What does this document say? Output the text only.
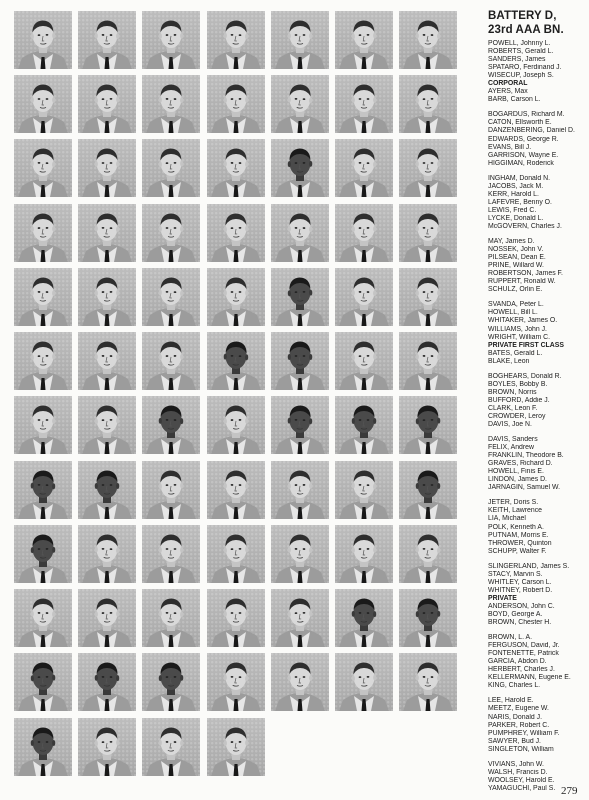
BATTERY D,
23rd AAA BN.
POWELL, Johnny L.
ROBERTS, Gerald L.
SANDERS, James
SPATARO, Ferdinand J.
WISECUP, Joseph S.
CORPORAL
AYERS, Max
BARB, Carson L.
BOGARDUS, Richard M.
CATON, Ellsworth E.
DANZENBERING, Daniel D.
EDWARDS, George R.
EVANS, Bill J.
GARRISON, Wayne E.
HIGGIMAN, Roderick
INGHAM, Donald N.
JACOBS, Jack M.
KERR, Harold L.
LAFEVRE, Benny O.
LEWIS, Fred C.
LYCKE, Donald L.
McGOVERN, Charles J.
MAY, James D.
NOSSEK, John V.
PILSEAN, Dean E.
PRINE, Willard W.
ROBERTSON, James F.
RUPPERT, Ronald W.
SCHULZ, Orlin E.
SVANDA, Peter L.
HOWELL, Bill L.
WHITAKER, James O.
WILLIAMS, John J.
WRIGHT, William C.
PRIVATE FIRST CLASS
BATES, Gerald L.
BLAKE, Leon
BOGHEARS, Donald R.
BOYLES, Bobby B.
BROWN, Norris
BUFFORD, Addie J.
CLARK, Leon F.
CROWDER, Leroy
DAVIS, Joe N.
DAVIS, Sanders
FELIX, Andrew
FRANKLIN, Theodore B.
GRAVES, Richard D.
HOWELL, Finis E.
LINDON, James D.
JARNAGIN, Samuel W.
JETER, Doris S.
KEITH, Lawrence
LIA, Michael
POLK, Kenneth A.
PUTNAM, Morris E.
THROWER, Quinton
SCHUPP, Walter F.
SLINGERLAND, James S.
STACY, Marvin S.
WHITLEY, Carson L.
WHITNEY, Robert D.
PRIVATE
ANDERSON, John C.
BOYD, George A.
BROWN, Chester H.
BROWN, L. A.
FERGUSON, David, Jr.
FONTENETTE, Patrick
GARCIA, Abdon D.
HERBERT, Charles J.
KELLERMANN, Eugene E.
KING, Charles L.
LEE, Harold E.
MEETZ, Eugene W.
NARIS, Donald J.
PARKER, Robert C.
PUMPHREY, William F.
SAWYER, Bud J.
SINGLETON, William
VIVIANS, John W.
WALSH, Francis D.
WOOLSEY, Harold E.
YAMAGUCHI, Paul S. 279
